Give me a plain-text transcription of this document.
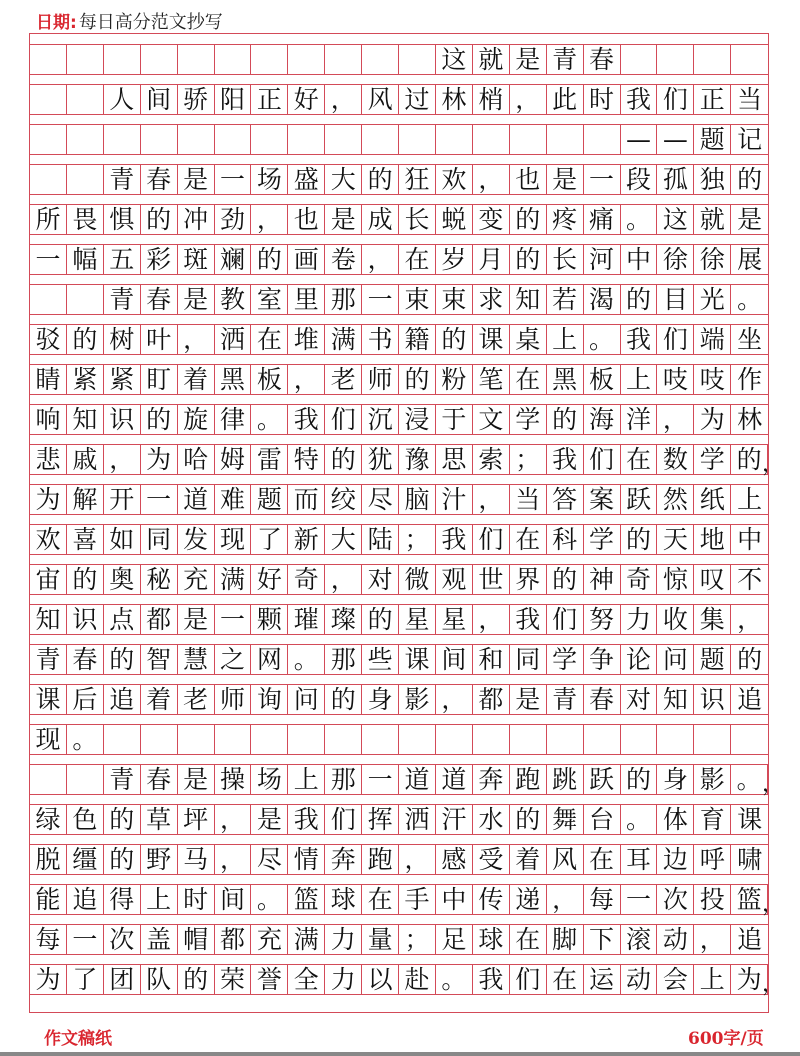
日期: 每日高分范文抄写
这 就 是 青 春
人 间 骄 阳 正 好 ， 风 过 林 梢 ， 此 时 我 们 正 当
— — 题 记
青 春 是 一 场 盛 大 的 狂 欢 ， 也 是 一 段 孤 独 的
所 畏 惧 的 冲 劲 ， 也 是 成 长 蜕 变 的 疼 痛 。 这 就 是
一 幅 五 彩 斑 斓 的 画 卷 ， 在 岁 月 的 长 河 中 徐 徐 展
青 春 是 教 室 里 那 一 束 束 求 知 若 渴 的 目 光 。
驳 的 树 叶 ， 洒 在 堆 满 书 籍 的 课 桌 上 。 我 们 端 坐
睛 紧 紧 盯 着 黑 板 ， 老 师 的 粉 笔 在 黑 板 上 吱 吱 作
响 知 识 的 旋 律 。 我 们 沉 浸 于 文 学 的 海 洋 ， 为 林
悲 戚 ， 为 哈 姆 雷 特 的 犹 豫 思 索 ； 我 们 在 数 学 的 ，
为 解 开 一 道 难 题 而 绞 尽 脑 汁 ， 当 答 案 跃 然 纸 上
欢 喜 如 同 发 现 了 新 大 陆 ； 我 们 在 科 学 的 天 地 中
宙 的 奥 秘 充 满 好 奇 ， 对 微 观 世 界 的 神 奇 惊 叹 不
知 识 点 都 是 一 颗 璀 璨 的 星 星 ， 我 们 努 力 收 集 ，
青 春 的 智 慧 之 网 。 那 些 课 间 和 同 学 争 论 问 题 的
课 后 追 着 老 师 询 问 的 身 影 ， 都 是 青 春 对 知 识 追
现 。
青 春 是 操 场 上 那 一 道 道 奔 跑 跳 跃 的 身 影 。 ，
绿 色 的 草 坪 ， 是 我 们 挥 洒 汗 水 的 舞 台 。 体 育 课
脱 缰 的 野 马 ， 尽 情 奔 跑 ， 感 受 着 风 在 耳 边 呼 啸
能 追 得 上 时 间 。 篮 球 在 手 中 传 递 ， 每 一 次 投 篮 ，
每 一 次 盖 帽 都 充 满 力 量 ； 足 球 在 脚 下 滚 动 ， 追
为 了 团 队 的 荣 誉 全 力 以 赴 。 我 们 在 运 动 会 上 为 ，
作文稿纸	600字/页
